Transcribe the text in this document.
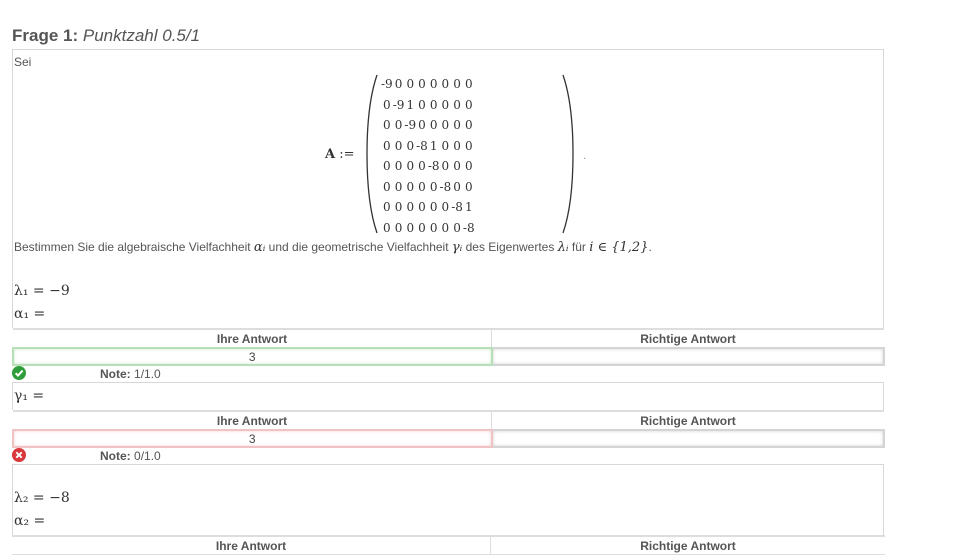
Frage 1: Punktzahl 0.5/1
Sei
A :=
-9	0	0	0	0	0	0	0
0	-9	1	0	0	0	0	0
0	0	-9	0	0	0	0	0
0	0	0	-8	1	0	0	0
0	0	0	0	-8	0	0	0
0	0	0	0	0	-8	0	0
0	0	0	0	0	0	-8	1
0	0	0	0	0	0	0	-8
.
Bestimmen Sie die algebraische Vielfachheit αᵢ und die geometrische Vielfachheit γᵢ des Eigenwertes λᵢ für i ∈ {1,2}.
λ₁ = −9
α₁ =
Ihre Antwort	Richtige Antwort
3	
Note: 1/1.0
γ₁ =
Ihre Antwort	Richtige Antwort
3	
Note: 0/1.0
λ₂ = −8
α₂ =
Ihre Antwort	Richtige Antwort
